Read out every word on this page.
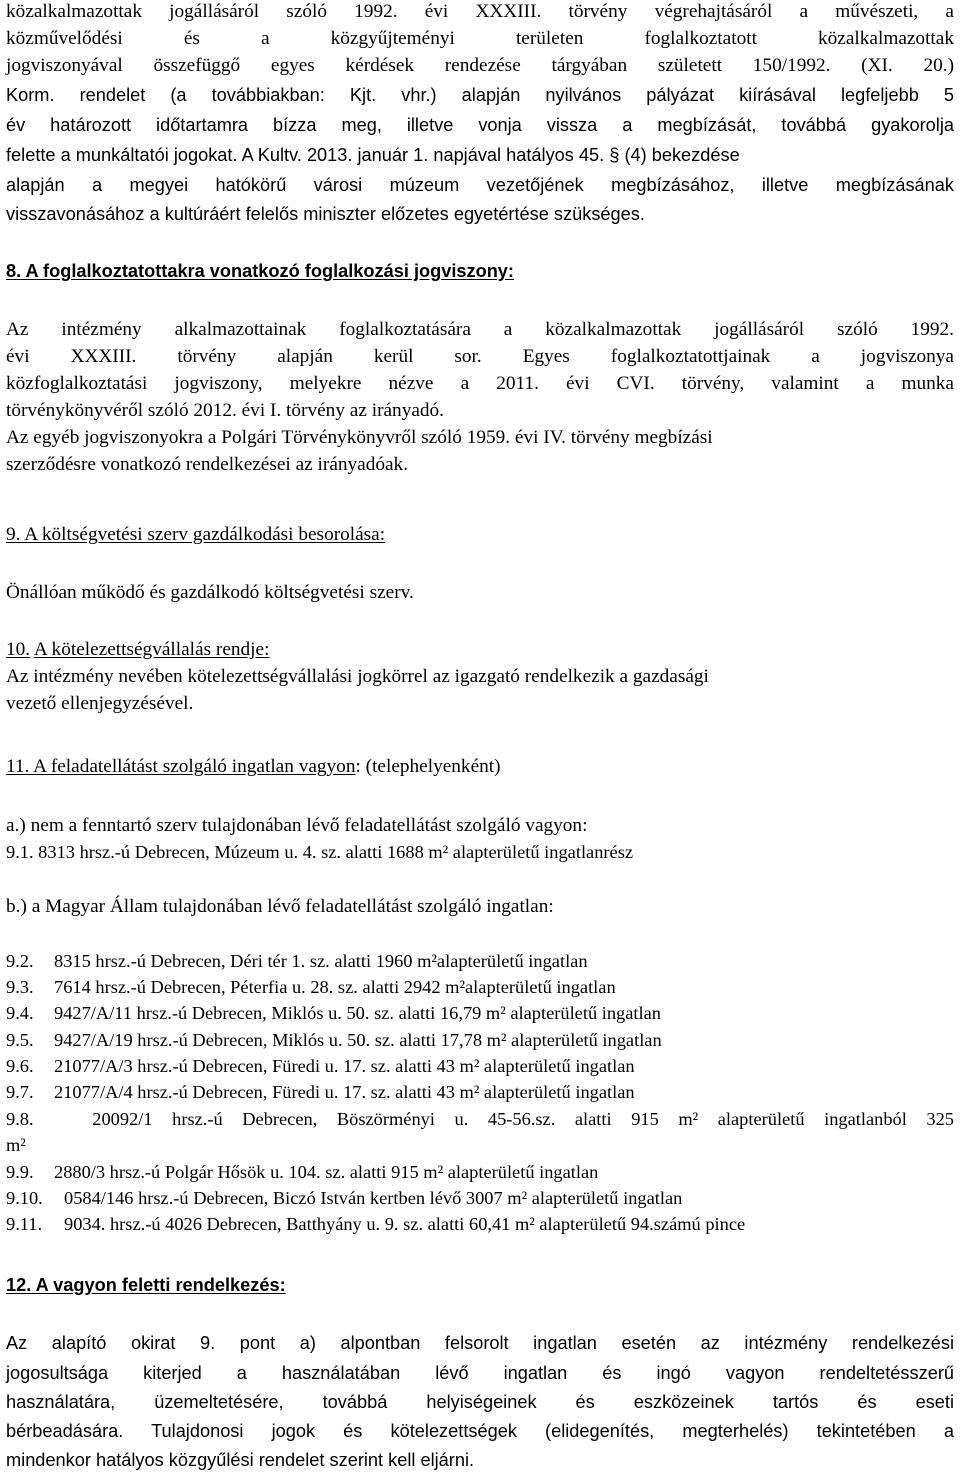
közalkalmazottak jogállásáról szóló 1992. évi XXXIII. törvény végrehajtásáról a művészeti, a
közművelődési és a közgyűjteményi területen foglalkoztatott közalkalmazottak
jogviszonyával összefüggő egyes kérdések rendezése tárgyában született 150/1992. (XI. 20.)
Korm. rendelet (a továbbiakban: Kjt. vhr.) alapján nyilvános pályázat kiírásával legfeljebb 5
év határozott időtartamra bízza meg, illetve vonja vissza a megbízását, továbbá gyakorolja
felette a munkáltatói jogokat. A Kultv. 2013. január 1. napjával hatályos 45. § (4) bekezdése
alapján a megyei hatókörű városi múzeum vezetőjének megbízásához, illetve megbízásának
visszavonásához a kultúráért felelős miniszter előzetes egyetértése szükséges.
8. A foglalkoztatottakra vonatkozó foglalkozási jogviszony:
Az intézmény alkalmazottainak foglalkoztatására a közalkalmazottak jogállásáról szóló 1992.
évi XXXIII. törvény alapján kerül sor. Egyes foglalkoztatottjainak a jogviszonya
közfoglalkoztatási jogviszony, melyekre nézve a 2011. évi CVI. törvény, valamint a munka
törvénykönyvéről szóló 2012. évi I. törvény az irányadó.
Az egyéb jogviszonyokra a Polgári Törvénykönyvről szóló 1959. évi IV. törvény megbízási
szerződésre vonatkozó rendelkezései az irányadóak.
9. A költségvetési szerv gazdálkodási besorolása:
Önállóan működő és gazdálkodó költségvetési szerv.
10. A kötelezettségvállalás rendje:
Az intézmény nevében kötelezettségvállalási jogkörrel az igazgató rendelkezik a gazdasági
vezető ellenjegyzésével.
11. A feladatellátást szolgáló ingatlan vagyon: (telephelyenként)
a.) nem a fenntartó szerv tulajdonában lévő feladatellátást szolgáló vagyon:
9.1. 8313 hrsz.-ú Debrecen, Múzeum u. 4. sz. alatti 1688 m² alapterületű ingatlanrész
b.) a Magyar Állam tulajdonában lévő feladatellátást szolgáló ingatlan:
9.2. 8315 hrsz.-ú Debrecen, Déri tér 1. sz. alatti 1960 m²alapterületű ingatlan
9.3. 7614 hrsz.-ú Debrecen, Péterfia u. 28. sz. alatti 2942 m²alapterületű ingatlan
9.4. 9427/A/11 hrsz.-ú Debrecen, Miklós u. 50. sz. alatti 16,79 m² alapterületű ingatlan
9.5. 9427/A/19 hrsz.-ú Debrecen, Miklós u. 50. sz. alatti 17,78 m² alapterületű ingatlan
9.6. 21077/A/3 hrsz.-ú Debrecen, Füredi u. 17. sz. alatti 43 m² alapterületű ingatlan
9.7. 21077/A/4 hrsz.-ú Debrecen, Füredi u. 17. sz. alatti 43 m² alapterületű ingatlan
9.8.   20092/1 hrsz.-ú Debrecen, Böszörményi u. 45-56.sz. alatti 915 m² alapterületű ingatlanból 325
m²
9.9. 2880/3 hrsz.-ú Polgár Hősök u. 104. sz. alatti 915 m² alapterületű ingatlan
9.10. 0584/146 hrsz.-ú Debrecen, Biczó István kertben lévő 3007 m² alapterületű ingatlan
9.11. 9034. hrsz.-ú 4026 Debrecen, Batthyány u. 9. sz. alatti 60,41 m² alapterületű 94.számú pince
12. A vagyon feletti rendelkezés:
Az alapító okirat 9. pont a) alpontban felsorolt ingatlan esetén az intézmény rendelkezési
jogosultsága kiterjed a használatában lévő ingatlan és ingó vagyon rendeltetésszerű
használatára, üzemeltetésére, továbbá helyiségeinek és eszközeinek tartós és eseti
bérbeadására. Tulajdonosi jogok és kötelezettségek (elidegenítés, megterhelés) tekintetében a
mindenkor hatályos közgyűlési rendelet szerint kell eljárni.
